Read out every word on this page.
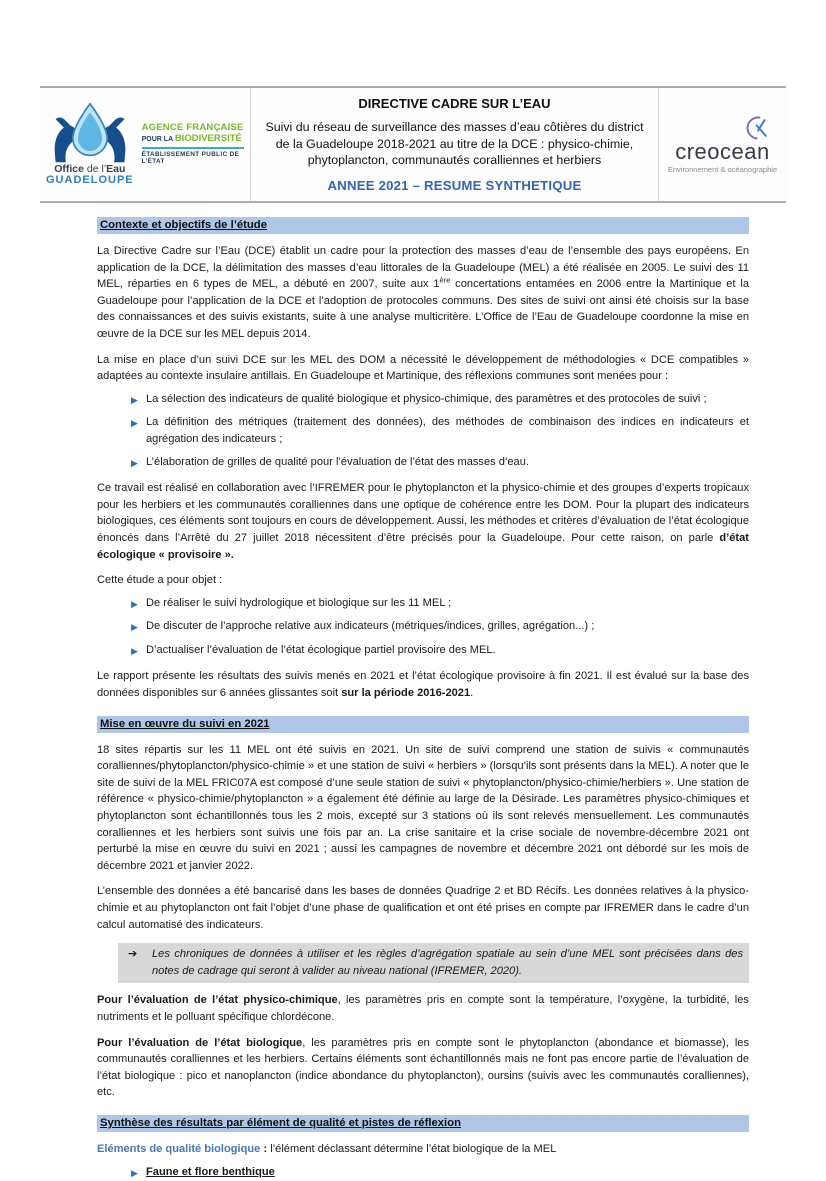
Office de l’Eau
GUADELOUPE
AGENCE FRANÇAISE
POUR LA BIODIVERSITÉ
ÉTABLISSEMENT PUBLIC DE L’ÉTAT
DIRECTIVE CADRE SUR L’EAU
Suivi du réseau de surveillance des masses d’eau côtières du district de la Guadeloupe 2018-2021 au titre de la DCE : physico-chimie, phytoplancton, communautés coralliennes et herbiers
ANNEE 2021 – RESUME SYNTHETIQUE
creocean
Environnement & océanographie
Contexte et objectifs de l’étude

La Directive Cadre sur l’Eau (DCE) établit un cadre pour la protection des masses d’eau de l’ensemble des pays européens. En application de la DCE, la délimitation des masses d’eau littorales de la Guadeloupe (MEL) a été réalisée en 2005. Le suivi des 11 MEL, réparties en 6 types de MEL, a débuté en 2007, suite aux 1ère concertations entamées en 2006 entre la Martinique et la Guadeloupe pour l’application de la DCE et l’adoption de protocoles communs. Des sites de suivi ont ainsi été choisis sur la base des connaissances et des suivis existants, suite à une analyse multicritère. L’Office de l’Eau de Guadeloupe coordonne la mise en œuvre de la DCE sur les MEL depuis 2014.

La mise en place d’un suivi DCE sur les MEL des DOM a nécessité le développement de méthodologies « DCE compatibles » adaptées au contexte insulaire antillais. En Guadeloupe et Martinique, des réflexions communes sont menées pour :

▶ La sélection des indicateurs de qualité biologique et physico-chimique, des paramètres et des protocoles de suivi ;
▶ La définition des métriques (traitement des données), des méthodes de combinaison des indices en indicateurs et agrégation des indicateurs ;
▶ L’élaboration de grilles de qualité pour l’évaluation de l’état des masses d’eau.

Ce travail est réalisé en collaboration avec l’IFREMER pour le phytoplancton et la physico-chimie et des groupes d’experts tropicaux pour les herbiers et les communautés coralliennes dans une optique de cohérence entre les DOM. Pour la plupart des indicateurs biologiques, ces éléments sont toujours en cours de développement. Aussi, les méthodes et critères d’évaluation de l’état écologique énoncés dans l’Arrêté du 27 juillet 2018 nécessitent d’être précisés pour la Guadeloupe. Pour cette raison, on parle d’état écologique « provisoire ».

Cette étude a pour objet :

▶ De réaliser le suivi hydrologique et biologique sur les 11 MEL ;
▶ De discuter de l’approche relative aux indicateurs (métriques/indices, grilles, agrégation...) ;
▶ D’actualiser l’évaluation de l’état écologique partiel provisoire des MEL.

Le rapport présente les résultats des suivis menés en 2021 et l’état écologique provisoire à fin 2021. Il est évalué sur la base des données disponibles sur 6 années glissantes soit sur la période 2016-2021.

Mise en œuvre du suivi en 2021

18 sites répartis sur les 11 MEL ont été suivis en 2021. Un site de suivi comprend une station de suivis « communautés coralliennes/phytoplancton/physico-chimie » et une station de suivi « herbiers » (lorsqu’ils sont présents dans la MEL). A noter que le site de suivi de la MEL FRIC07A est composé d’une seule station de suivi « phytoplancton/physico-chimie/herbiers ». Une station de référence « physico-chimie/phytoplancton » a également été définie au large de la Désirade. Les paramètres physico-chimiques et phytoplancton sont échantillonnés tous les 2 mois, excepté sur 3 stations où ils sont relevés mensuellement. Les communautés coralliennes et les herbiers sont suivis une fois par an. La crise sanitaire et la crise sociale de novembre-décembre 2021 ont perturbé la mise en œuvre du suivi en 2021 ; aussi les campagnes de novembre et décembre 2021 ont débordé sur les mois de décembre 2021 et janvier 2022.

L’ensemble des données a été bancarisé dans les bases de données Quadrige 2 et BD Récifs. Les données relatives à la physico-chimie et au phytoplancton ont fait l’objet d’une phase de qualification et ont été prises en compte par IFREMER dans le cadre d’un calcul automatisé des indicateurs.

➔	Les chroniques de données à utiliser et les règles d’agrégation spatiale au sein d’une MEL sont précisées dans des notes de cadrage qui seront à valider au niveau national (IFREMER, 2020).

Pour l’évaluation de l’état physico-chimique, les paramètres pris en compte sont la température, l’oxygène, la turbidité, les nutriments et le polluant spécifique chlordécone.

Pour l’évaluation de l’état biologique, les paramètres pris en compte sont le phytoplancton (abondance et biomasse), les communautés coralliennes et les herbiers. Certains éléments sont échantillonnés mais ne font pas encore partie de l’évaluation de l’état biologique : pico et nanoplancton (indice abondance du phytoplancton), oursins (suivis avec les communautés coralliennes), etc.

Synthèse des résultats par élément de qualité et pistes de réflexion

Eléments de qualité biologique : l’élément déclassant détermine l’état biologique de la MEL

▶ Faune et flore benthique
